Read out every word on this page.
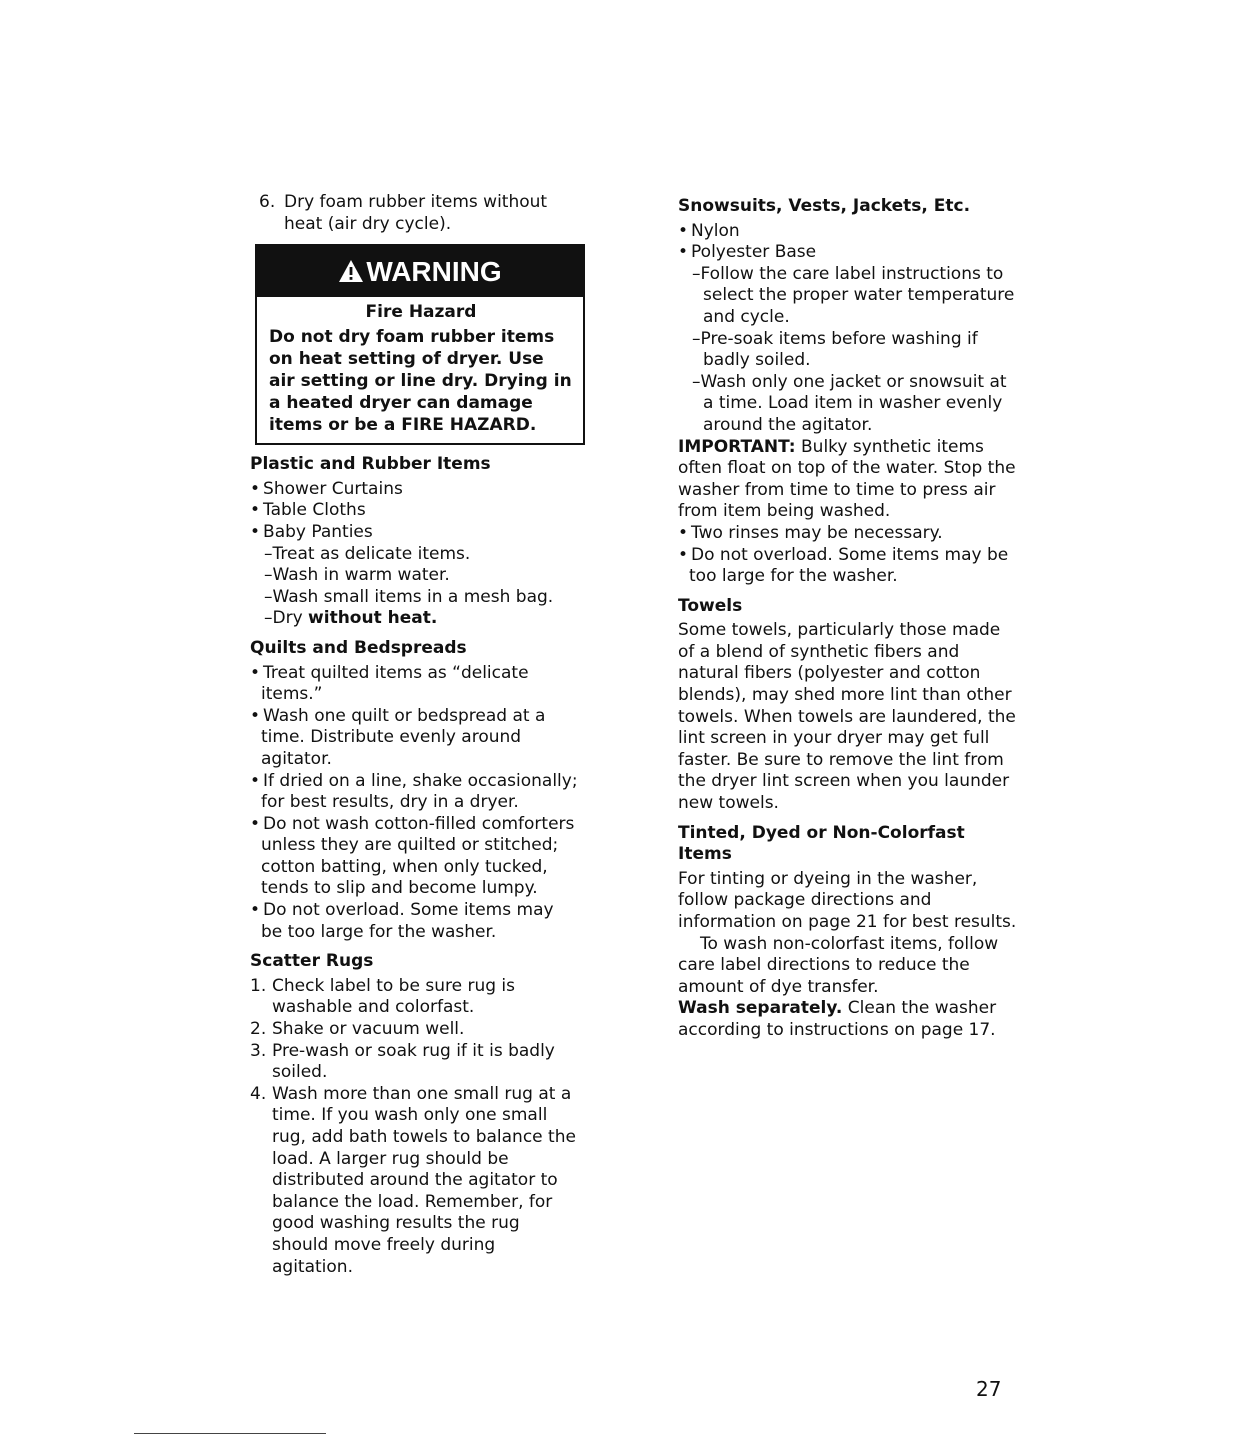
6. Dry foam rubber items without heat (air dry cycle).
WARNING
Fire Hazard
Do not dry foam rubber items on heat setting of dryer. Use air setting or line dry. Drying in a heated dryer can damage items or be a FIRE HAZARD.
Plastic and Rubber Items
• Shower Curtains
• Table Cloths
• Baby Panties
–Treat as delicate items.
–Wash in warm water.
–Wash small items in a mesh bag.
–Dry without heat.
Quilts and Bedspreads
• Treat quilted items as “delicate items.”
• Wash one quilt or bedspread at a time. Distribute evenly around agitator.
• If dried on a line, shake occasionally; for best results, dry in a dryer.
• Do not wash cotton-filled comforters unless they are quilted or stitched; cotton batting, when only tucked, tends to slip and become lumpy.
• Do not overload. Some items may be too large for the washer.
Scatter Rugs
1. Check label to be sure rug is washable and colorfast.
2. Shake or vacuum well.
3. Pre-wash or soak rug if it is badly soiled.
4. Wash more than one small rug at a time. If you wash only one small rug, add bath towels to balance the load. A larger rug should be distributed around the agitator to balance the load. Remember, for good washing results the rug should move freely during agitation.
Snowsuits, Vests, Jackets, Etc.
• Nylon
• Polyester Base
–Follow the care label instructions to select the proper water temperature and cycle.
–Pre-soak items before washing if badly soiled.
–Wash only one jacket or snowsuit at a time. Load item in washer evenly around the agitator.

IMPORTANT: Bulky synthetic items often float on top of the water. Stop the washer from time to time to press air from item being washed.

• Two rinses may be necessary.
• Do not overload. Some items may be too large for the washer.
Towels

Some towels, particularly those made of a blend of synthetic fibers and natural fibers (polyester and cotton blends), may shed more lint than other towels. When towels are laundered, the lint screen in your dryer may get full faster. Be sure to remove the lint from the dryer lint screen when you launder new towels.

Tinted, Dyed or Non-Colorfast Items

For tinting or dyeing in the washer, follow package directions and information on page 21 for best results.

To wash non-colorfast items, follow care label directions to reduce the amount of dye transfer.

Wash separately. Clean the washer according to instructions on page 17.

27
